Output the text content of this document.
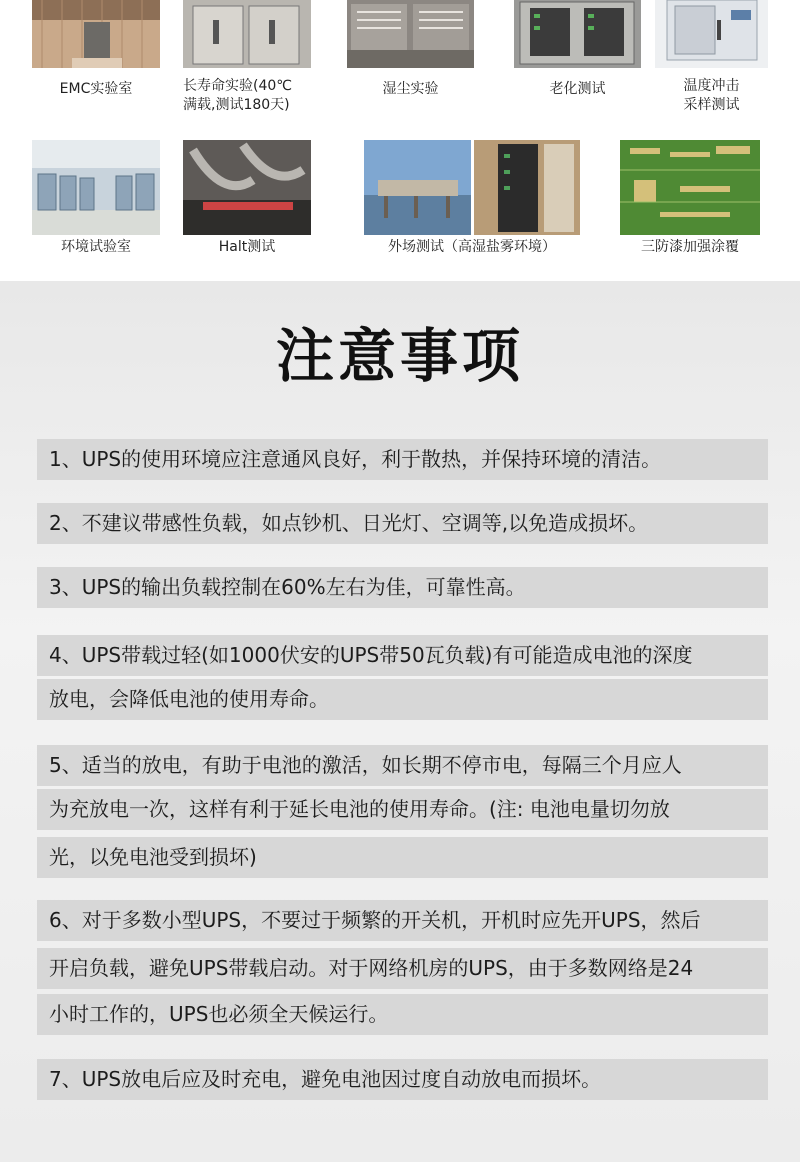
EMC实验室	长寿命实验(40℃
满载,测试180天)
湿尘实验	老化测试	温度冲击
采样测试
环境试验室	Halt测试	外场测试（高湿盐雾环境）	三防漆加强涂覆
注意事项
1、UPS的使用环境应注意通风良好，利于散热，并保持环境的清洁。
2、不建议带感性负载，如点钞机、日光灯、空调等,以免造成损坏。
3、UPS的输出负载控制在60%左右为佳，可靠性高。
4、UPS带载过轻(如1000伏安的UPS带50瓦负载)有可能造成电池的深度
放电，会降低电池的使用寿命。
5、适当的放电，有助于电池的激活，如长期不停市电，每隔三个月应人
为充放电一次，这样有利于延长电池的使用寿命。(注: 电池电量切勿放
光，以免电池受到损坏)
6、对于多数小型UPS，不要过于频繁的开关机，开机时应先开UPS，然后
开启负载，避免UPS带载启动。对于网络机房的UPS，由于多数网络是24
小时工作的，UPS也必须全天候运行。
7、UPS放电后应及时充电，避免电池因过度自动放电而损坏。
